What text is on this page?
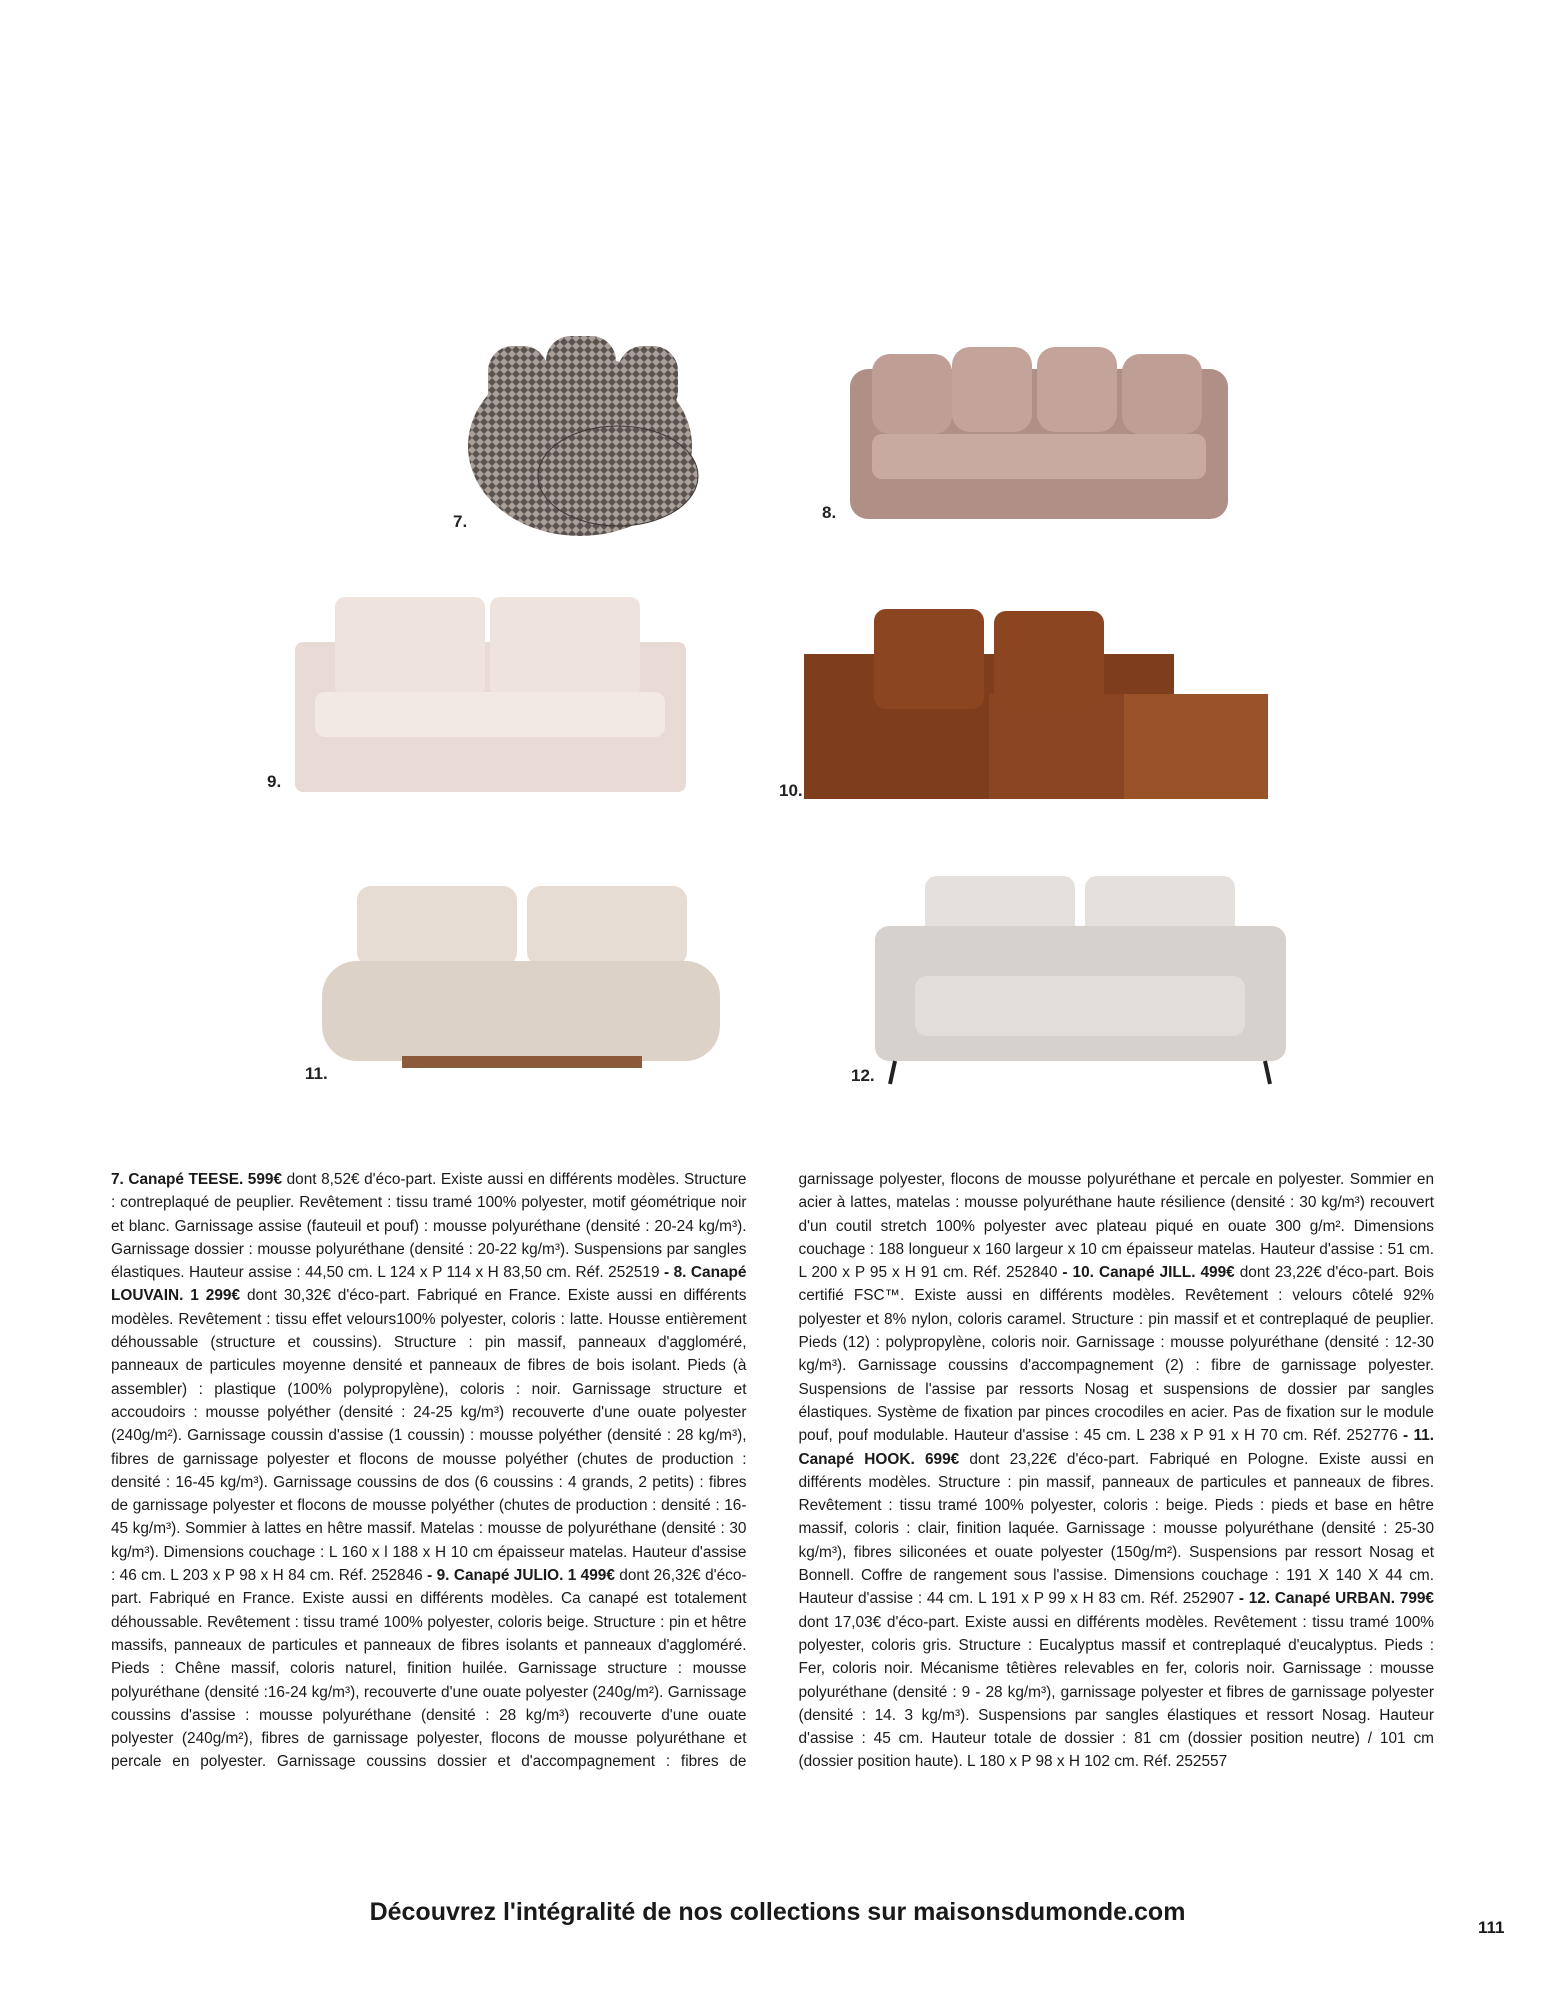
7.	8.
9.	10.
11.	12.
7. Canapé TEESE. 599€ dont 8,52€ d'éco-part. Existe aussi en différents modèles. Structure : contreplaqué de peuplier. Revêtement : tissu tramé 100% polyester, motif géométrique noir et blanc. Garnissage assise (fauteuil et pouf) : mousse polyuréthane (densité : 20-24 kg/m³). Garnissage dossier : mousse polyuréthane (densité : 20-22 kg/m³). Suspensions par sangles élastiques. Hauteur assise : 44,50 cm. L 124 x P 114 x H 83,50 cm. Réf. 252519 - 8. Canapé LOUVAIN. 1 299€ dont 30,32€ d'éco-part. Fabriqué en France. Existe aussi en différents modèles. Revêtement : tissu effet velours100% polyester, coloris : latte. Housse entièrement déhoussable (structure et coussins). Structure : pin massif, panneaux d'aggloméré, panneaux de particules moyenne densité et panneaux de fibres de bois isolant. Pieds (à assembler) : plastique (100% polypropylène), coloris : noir. Garnissage structure et accoudoirs : mousse polyéther (densité : 24-25 kg/m³) recouverte d'une ouate polyester (240g/m²). Garnissage coussin d'assise (1 coussin) : mousse polyéther (densité : 28 kg/m³), fibres de garnissage polyester et flocons de mousse polyéther (chutes de production : densité : 16-45 kg/m³). Garnissage coussins de dos (6 coussins : 4 grands, 2 petits) : fibres de garnissage polyester et flocons de mousse polyéther (chutes de production : densité : 16-45 kg/m³). Sommier à lattes en hêtre massif. Matelas : mousse de polyuréthane (densité : 30 kg/m³). Dimensions couchage : L 160 x l 188 x H 10 cm épaisseur matelas. Hauteur d'assise : 46 cm. L 203 x P 98 x H 84 cm. Réf. 252846 - 9. Canapé JULIO. 1 499€ dont 26,32€ d'éco-part. Fabriqué en France. Existe aussi en différents modèles. Ca canapé est totalement déhoussable. Revêtement : tissu tramé 100% polyester, coloris beige. Structure : pin et hêtre massifs, panneaux de particules et panneaux de fibres isolants et panneaux d'aggloméré. Pieds : Chêne massif, coloris naturel, finition huilée. Garnissage structure : mousse polyuréthane (densité :16-24 kg/m³), recouverte d'une ouate polyester (240g/m²). Garnissage coussins d'assise : mousse polyuréthane (densité : 28 kg/m³) recouverte d'une ouate polyester (240g/m²), fibres de garnissage polyester, flocons de mousse polyuréthane et percale en polyester. Garnissage coussins dossier et d'accompagnement : fibres de garnissage polyester, flocons de mousse polyuréthane et percale en polyester. Sommier en acier à lattes, matelas : mousse polyuréthane haute résilience (densité : 30 kg/m³) recouvert d'un coutil stretch 100% polyester avec plateau piqué en ouate 300 g/m². Dimensions couchage : 188 longueur x 160 largeur x 10 cm épaisseur matelas. Hauteur d'assise : 51 cm. L 200 x P 95 x H 91 cm. Réf. 252840 - 10. Canapé JILL. 499€ dont 23,22€ d'éco-part. Bois certifié FSC™. Existe aussi en différents modèles. Revêtement : velours côtelé 92% polyester et 8% nylon, coloris caramel. Structure : pin massif et et contreplaqué de peuplier. Pieds (12) : polypropylène, coloris noir. Garnissage : mousse polyuréthane (densité : 12-30 kg/m³). Garnissage coussins d'accompagnement (2) : fibre de garnissage polyester. Suspensions de l'assise par ressorts Nosag et suspensions de dossier par sangles élastiques. Système de fixation par pinces crocodiles en acier. Pas de fixation sur le module pouf, pouf modulable. Hauteur d'assise : 45 cm. L 238 x P 91 x H 70 cm. Réf. 252776 - 11. Canapé HOOK. 699€ dont 23,22€ d'éco-part. Fabriqué en Pologne. Existe aussi en différents modèles. Structure : pin massif, panneaux de particules et panneaux de fibres. Revêtement : tissu tramé 100% polyester, coloris : beige. Pieds : pieds et base en hêtre massif, coloris : clair, finition laquée. Garnissage : mousse polyuréthane (densité : 25-30 kg/m³), fibres siliconées et ouate polyester (150g/m²). Suspensions par ressort Nosag et Bonnell. Coffre de rangement sous l'assise. Dimensions couchage : 191 X 140 X 44 cm. Hauteur d'assise : 44 cm. L 191 x P 99 x H 83 cm. Réf. 252907 - 12. Canapé URBAN. 799€ dont 17,03€ d'éco-part. Existe aussi en différents modèles. Revêtement : tissu tramé 100% polyester, coloris gris. Structure : Eucalyptus massif et contreplaqué d'eucalyptus. Pieds : Fer, coloris noir. Mécanisme têtières relevables en fer, coloris noir. Garnissage : mousse polyuréthane (densité : 9 - 28 kg/m³), garnissage polyester et fibres de garnissage polyester (densité : 14. 3 kg/m³). Suspensions par sangles élastiques et ressort Nosag. Hauteur d'assise : 45 cm. Hauteur totale de dossier : 81 cm (dossier position neutre) / 101 cm (dossier position haute). L 180 x P 98 x H 102 cm. Réf. 252557
Découvrez l'intégralité de nos collections sur maisonsdumonde.com
111
